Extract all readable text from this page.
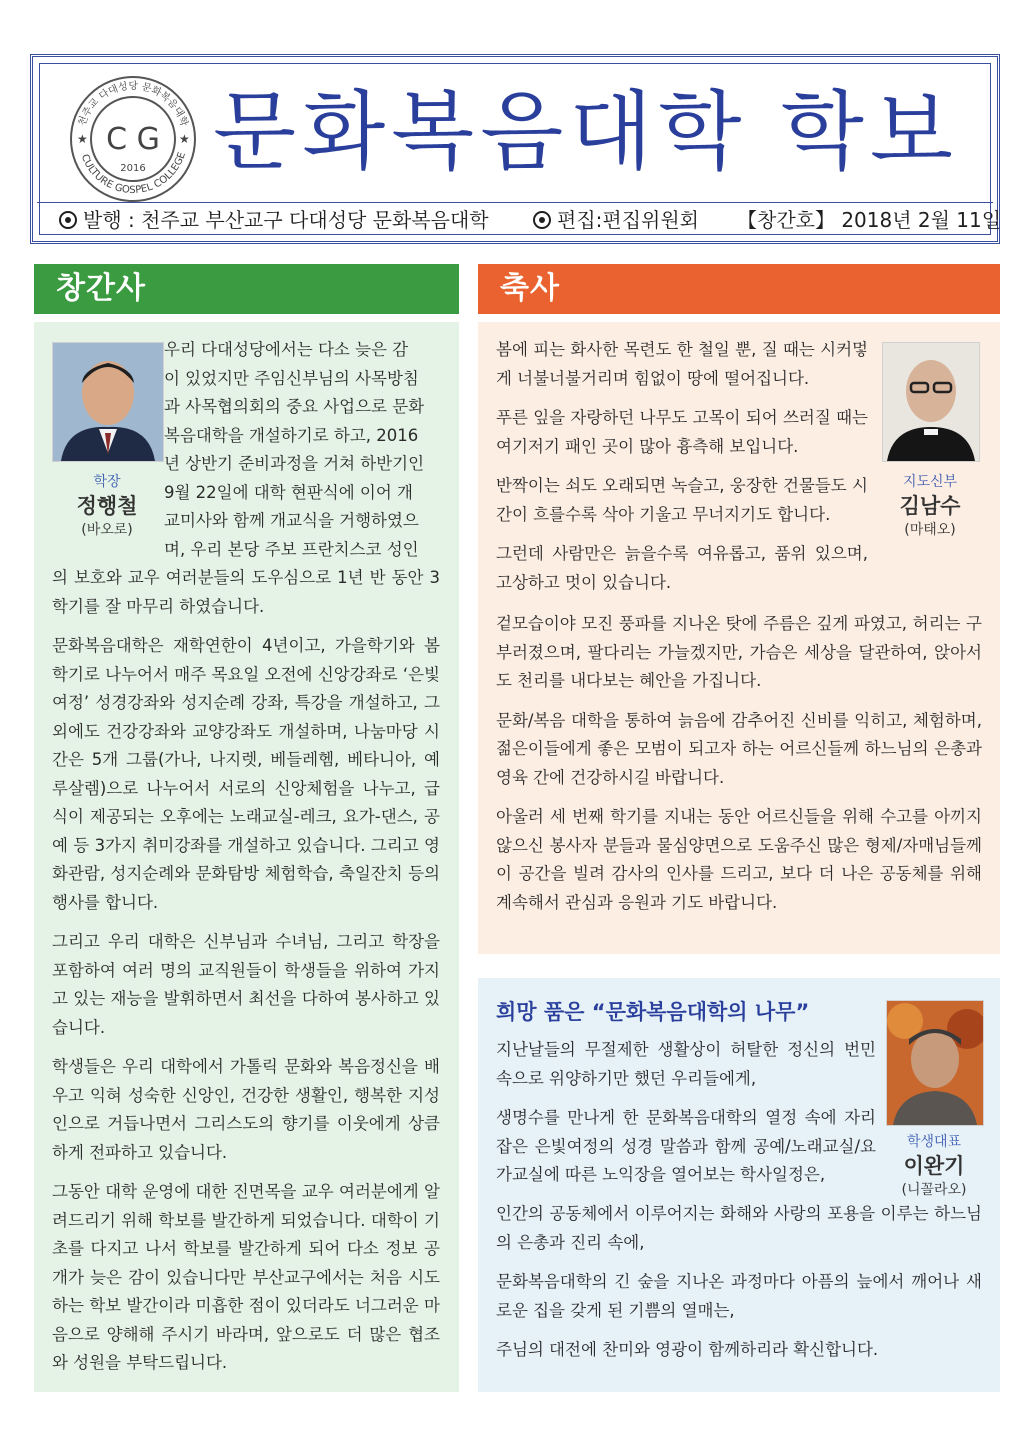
천주교 다대성당 문화복음대학
CULTURE GOSPEL COLLEGE
C G
2016
★	★ 문화복음대학 학보
발행 : 천주교 부산교구 다대성당 문화복음대학	편집:편집위원회 【창간호】 2018년 2월 11일
창간사	축사
학장
정행철
(바오로)
우리 다대성당에서는 다소 늦은 감
이 있었지만 주임신부님의 사목방침
과 사목협의회의 중요 사업으로 문화
복음대학을 개설하기로 하고, 2016
년 상반기 준비과정을 거쳐 하반기인
9월 22일에 대학 현판식에 이어 개
교미사와 함께 개교식을 거행하였으
며, 우리 본당 주보 프란치스코 성인

의 보호와 교우 여러분들의 도우심으로 1년 반 동안 3학기를 잘 마무리 하였습니다.

문화복음대학은 재학연한이 4년이고, 가을학기와 봄 학기로 나누어서 매주 목요일 오전에 신앙강좌로 ‘은빛여정’ 성경강좌와 성지순례 강좌, 특강을 개설하고, 그 외에도 건강강좌와 교양강좌도 개설하며, 나눔마당 시간은 5개 그룹(가나, 나지렛, 베들레헴, 베타니아, 예루살렘)으로 나누어서 서로의 신앙체험을 나누고, 급식이 제공되는 오후에는 노래교실-레크, 요가-댄스, 공예 등 3가지 취미강좌를 개설하고 있습니다. 그리고 영화관람, 성지순례와 문화탐방 체험학습, 축일잔치 등의 행사를 합니다.

그리고 우리 대학은 신부님과 수녀님, 그리고 학장을 포함하여 여러 명의 교직원들이 학생들을 위하여 가지고 있는 재능을 발휘하면서 최선을 다하여 봉사하고 있습니다.

학생들은 우리 대학에서 가톨릭 문화와 복음정신을 배우고 익혀 성숙한 신앙인, 건강한 생활인, 행복한 지성인으로 거듭나면서 그리스도의 향기를 이웃에게 상큼하게 전파하고 있습니다.

그동안 대학 운영에 대한 진면목을 교우 여러분에게 알려드리기 위해 학보를 발간하게 되었습니다. 대학이 기초를 다지고 나서 학보를 발간하게 되어 다소 정보 공개가 늦은 감이 있습니다만 부산교구에서는 처음 시도하는 학보 발간이라 미흡한 점이 있더라도 너그러운 마음으로 양해해 주시기 바라며, 앞으로도 더 많은 협조와 성원을 부탁드립니다.

지도신부
김남수
(마태오)

봄에 피는 화사한 목련도 한 철일 뿐, 질 때는 시커멓게 너불너불거리며 힘없이 땅에 떨어집니다.

푸른 잎을 자랑하던 나무도 고목이 되어 쓰러질 때는 여기저기 패인 곳이 많아 흉측해 보입니다.

반짝이는 쇠도 오래되면 녹슬고, 웅장한 건물들도 시간이 흐를수록 삭아 기울고 무너지기도 합니다.

그런데 사람만은 늙을수록 여유롭고, 품위 있으며, 고상하고 멋이 있습니다.

겉모습이야 모진 풍파를 지나온 탓에 주름은 깊게 파였고, 허리는 구부러졌으며, 팔다리는 가늘겠지만, 가슴은 세상을 달관하여, 앉아서도 천리를 내다보는 혜안을 가집니다.

문화/복음 대학을 통하여 늙음에 감추어진 신비를 익히고, 체험하며, 젊은이들에게 좋은 모범이 되고자 하는 어르신들께 하느님의 은총과 영육 간에 건강하시길 바랍니다.

아울러 세 번째 학기를 지내는 동안 어르신들을 위해 수고를 아끼지 않으신 봉사자 분들과 물심양면으로 도움주신 많은 형제/자매님들께 이 공간을 빌려 감사의 인사를 드리고, 보다 더 나은 공동체를 위해 계속해서 관심과 응원과 기도 바랍니다.

학생대표
이완기
(니꼴라오)

지난날들의 무절제한 생활상이 허탈한 정신의 번민 속으로 위양하기만 했던 우리들에게,

생명수를 만나게 한 문화복음대학의 열정 속에 자리 잡은 은빛여정의 성경 말씀과 함께 공예/노래교실/요가교실에 따른 노익장을 열어보는 학사일정은,

인간의 공동체에서 이루어지는 화해와 사랑의 포용을 이루는 하느님의 은총과 진리 속에,

문화복음대학의 긴 숲을 지나온 과정마다 아픔의 늪에서 깨어나 새로운 집을 갖게 된 기쁨의 열매는,

주님의 대전에 찬미와 영광이 함께하리라 확신합니다.

희망 품은 “문화복음대학의 나무”
